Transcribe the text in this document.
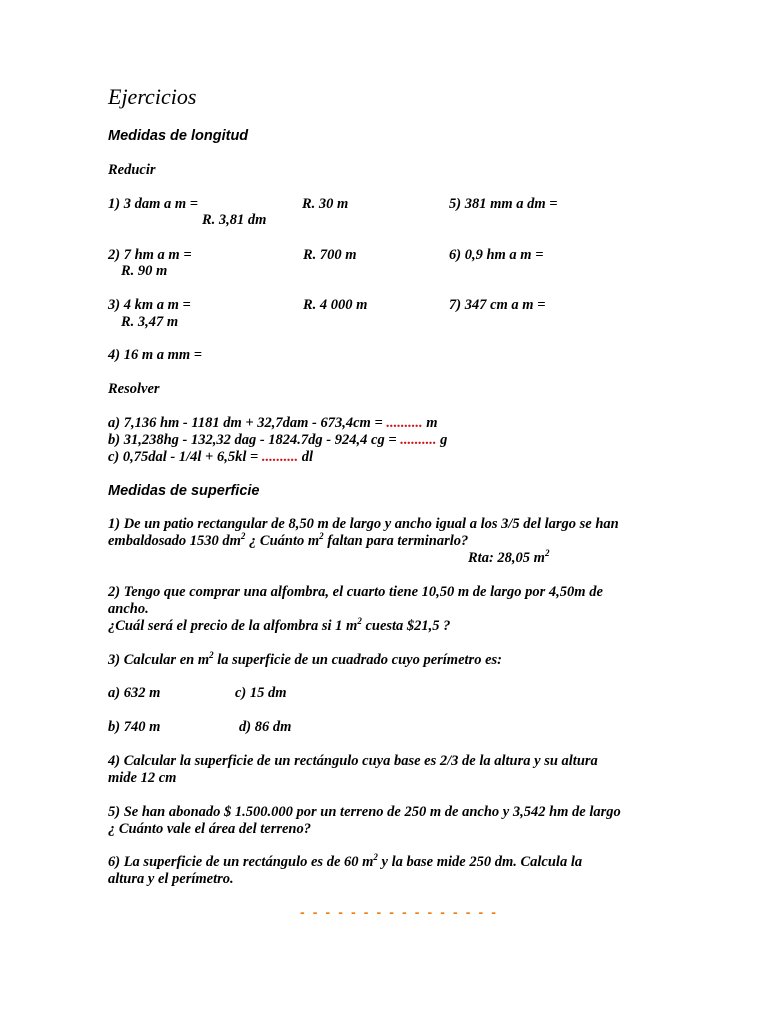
Ejercicios
Medidas de longitud
Reducir
1) 3 dam a m =	R. 30 m	5) 381 mm a dm =
R. 3,81 dm
2) 7 hm a m =	R. 700 m	6) 0,9 hm a m =
R. 90 m
3) 4 km a m =	R. 4 000 m	7) 347 cm a m =
R. 3,47 m
4) 16 m a mm =
Resolver
a) 7,136 hm - 1181 dm + 32,7dam - 673,4cm = .......... m
b) 31,238hg - 132,32 dag - 1824.7dg - 924,4 cg = .......... g
c) 0,75dal - 1/4l + 6,5kl = .......... dl
Medidas de superficie
1) De un patio rectangular de 8,50 m de largo y ancho igual a los 3/5 del largo se han
embaldosado 1530 $dm^2$ ¿ Cuánto $m^2$ faltan para terminarlo?
Rta: 28,05 $m^2$
2) Tengo que comprar una alfombra, el cuarto tiene 10,50 m de largo por 4,50m de
ancho.
¿Cuál será el precio de la alfombra si 1 $m^2$ cuesta $21,5 ?
3) Calcular en $m^2$ la superficie de un cuadrado cuyo perímetro es:
a) 632 m	c) 15 dm
b) 740 m	d) 86 dm
4) Calcular la superficie de un rectángulo cuya base es 2/3 de la altura y su altura
mide 12 cm
5) Se han abonado $ 1.500.000 por un terreno de 250 m de ancho y 3,542 hm de largo
¿ Cuánto vale el área del terreno?
6) La superficie de un rectángulo es de 60 $m^2$ y la base mide 250 dm. Calcula la
altura y el perímetro.
- - - - - - - - - - - - - - - -
